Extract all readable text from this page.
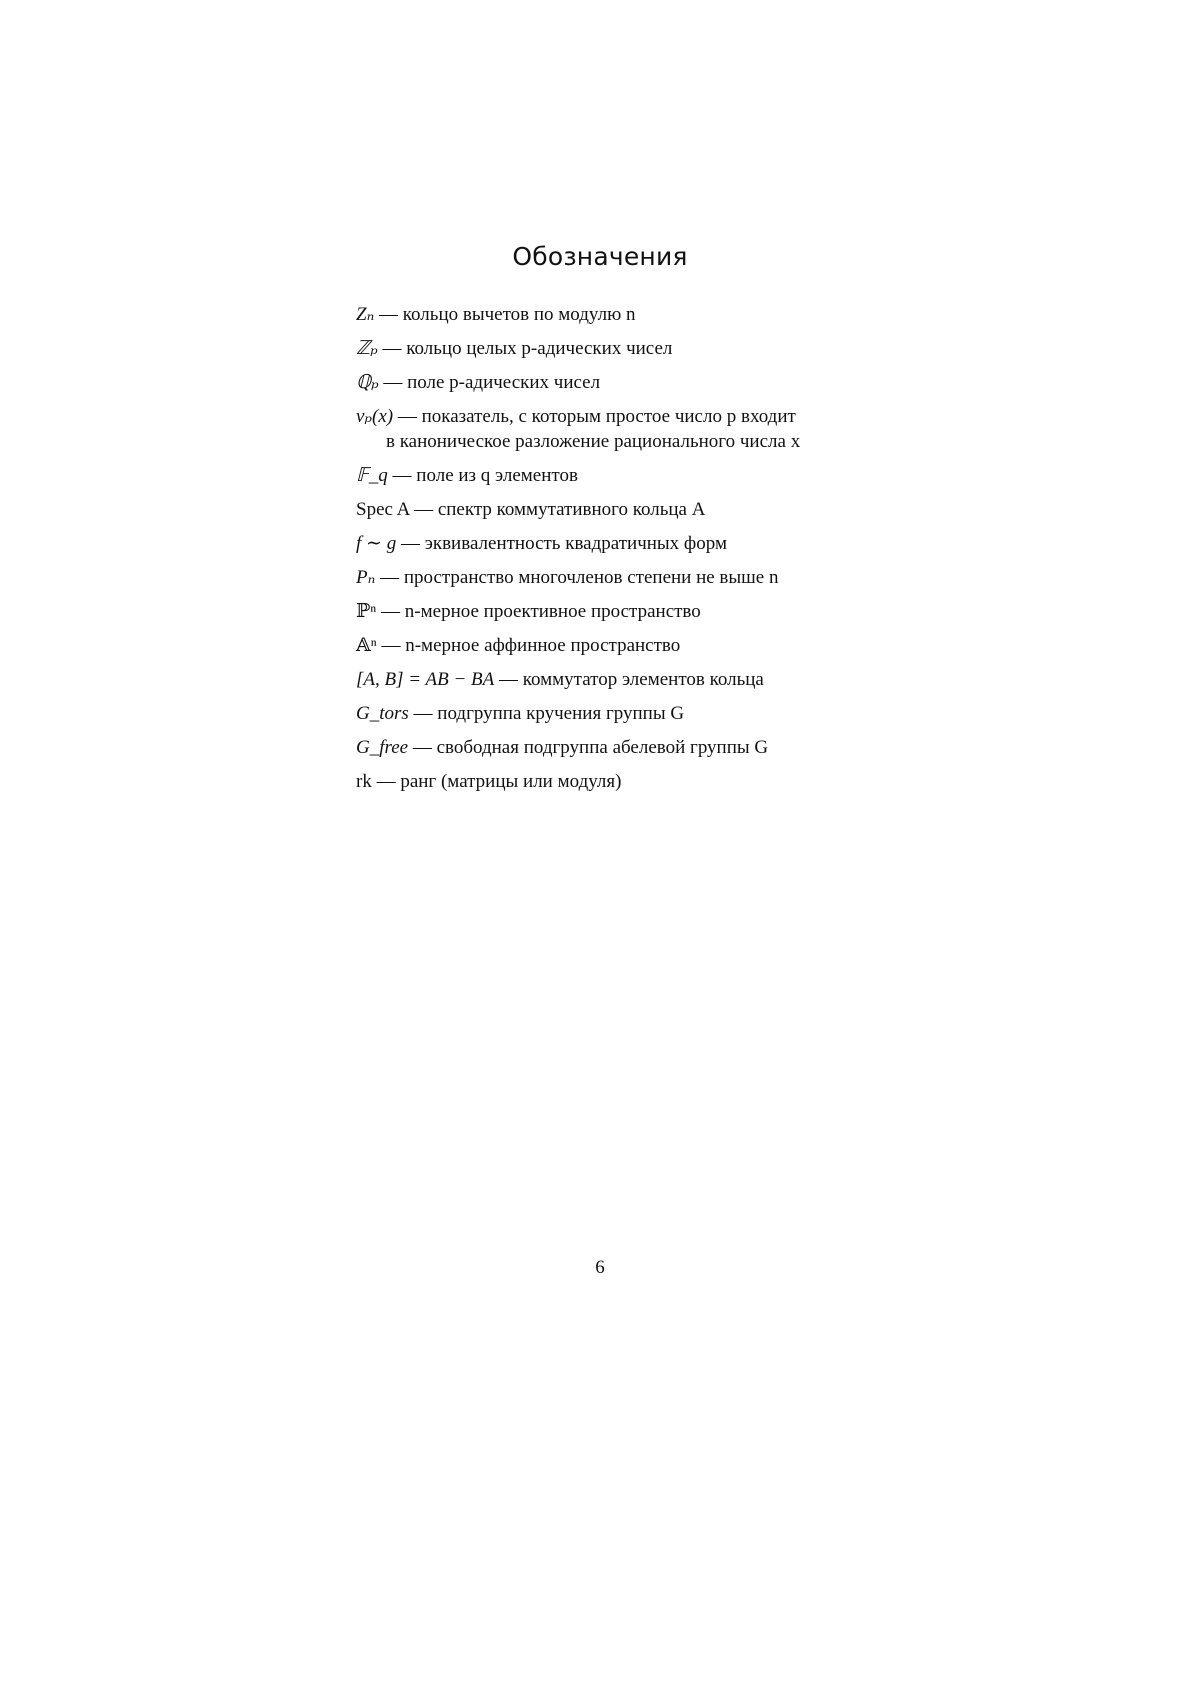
Обозначения
Zₙ — кольцо вычетов по модулю n
ℤₚ — кольцо целых p-адических чисел
ℚₚ — поле p-адических чисел
vₚ(x) — показатель, с которым простое число p входит
в каноническое разложение рационального числа x
𝔽_q — поле из q элементов
Spec A — спектр коммутативного кольца A
f ∼ g — эквивалентность квадратичных форм
Pₙ — пространство многочленов степени не выше n
ℙⁿ — n-мерное проективное пространство
𝔸ⁿ — n-мерное аффинное пространство
[A, B] = AB − BA — коммутатор элементов кольца
G_tors — подгруппа кручения группы G
G_free — свободная подгруппа абелевой группы G
rk — ранг (матрицы или модуля)
6
